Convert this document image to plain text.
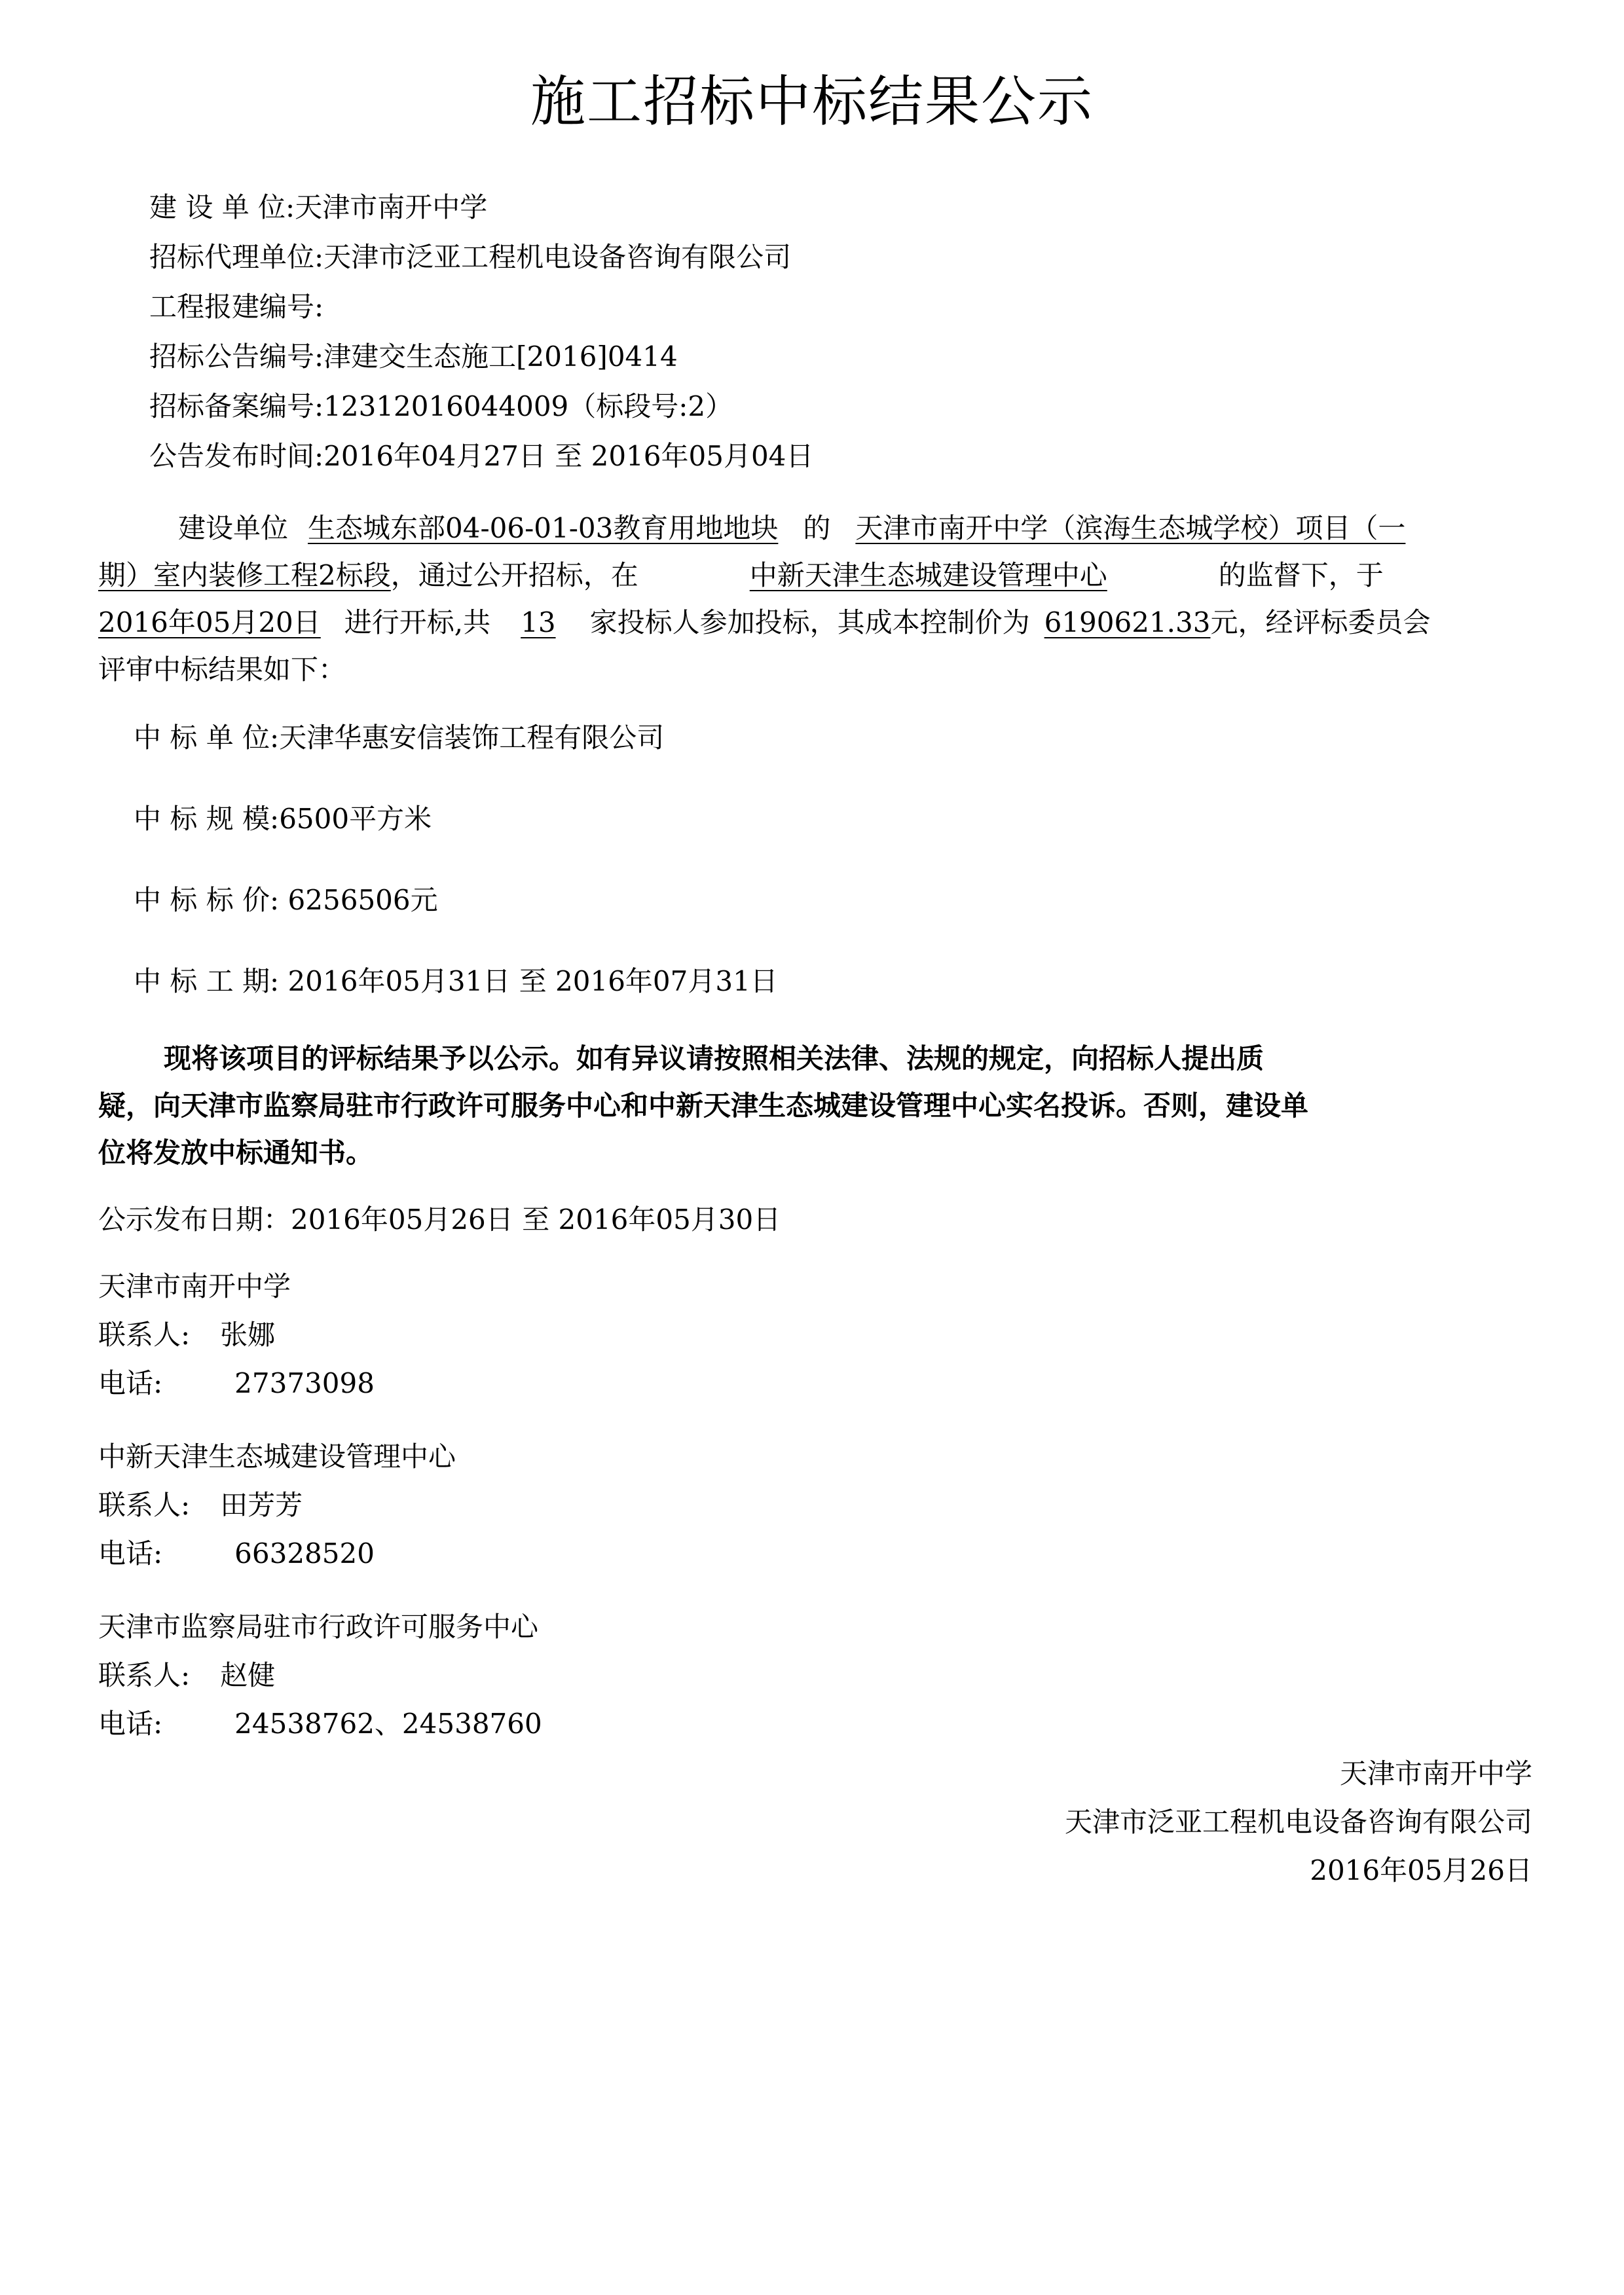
施工招标中标结果公示
建 设 单 位:天津市南开中学
招标代理单位:天津市泛亚工程机电设备咨询有限公司
工程报建编号:
招标公告编号:津建交生态施工[2016]0414
招标备案编号:12312016044009（标段号:2）
公告发布时间:2016年04月27日 至 2016年05月04日
建设单位 生态城东部04-06-01-03教育用地地块 的 天津市南开中学（滨海生态城学校）项目（一
期）室内装修工程2标段，通过公开招标，在	中新天津生态城建设管理中心	的监督下，于
2016年05月20日 进行开标,共 13 家投标人参加投标，其成本控制价为 6190621.33元，经评标委员会
评审中标结果如下：
中 标 单 位:天津华惠安信装饰工程有限公司
中 标 规 模:6500平方米
中 标 标 价: 6256506元
中 标 工 期: 2016年05月31日 至 2016年07月31日
现将该项目的评标结果予以公示。如有异议请按照相关法律、法规的规定，向招标人提出质
疑，向天津市监察局驻市行政许可服务中心和中新天津生态城建设管理中心实名投诉。否则，建设单
位将发放中标通知书。
公示发布日期：2016年05月26日 至 2016年05月30日
天津市南开中学
联系人: 张娜
电话:	27373098
中新天津生态城建设管理中心
联系人: 田芳芳
电话:	66328520
天津市监察局驻市行政许可服务中心
联系人: 赵健
电话:	24538762、24538760
天津市南开中学
天津市泛亚工程机电设备咨询有限公司
2016年05月26日
